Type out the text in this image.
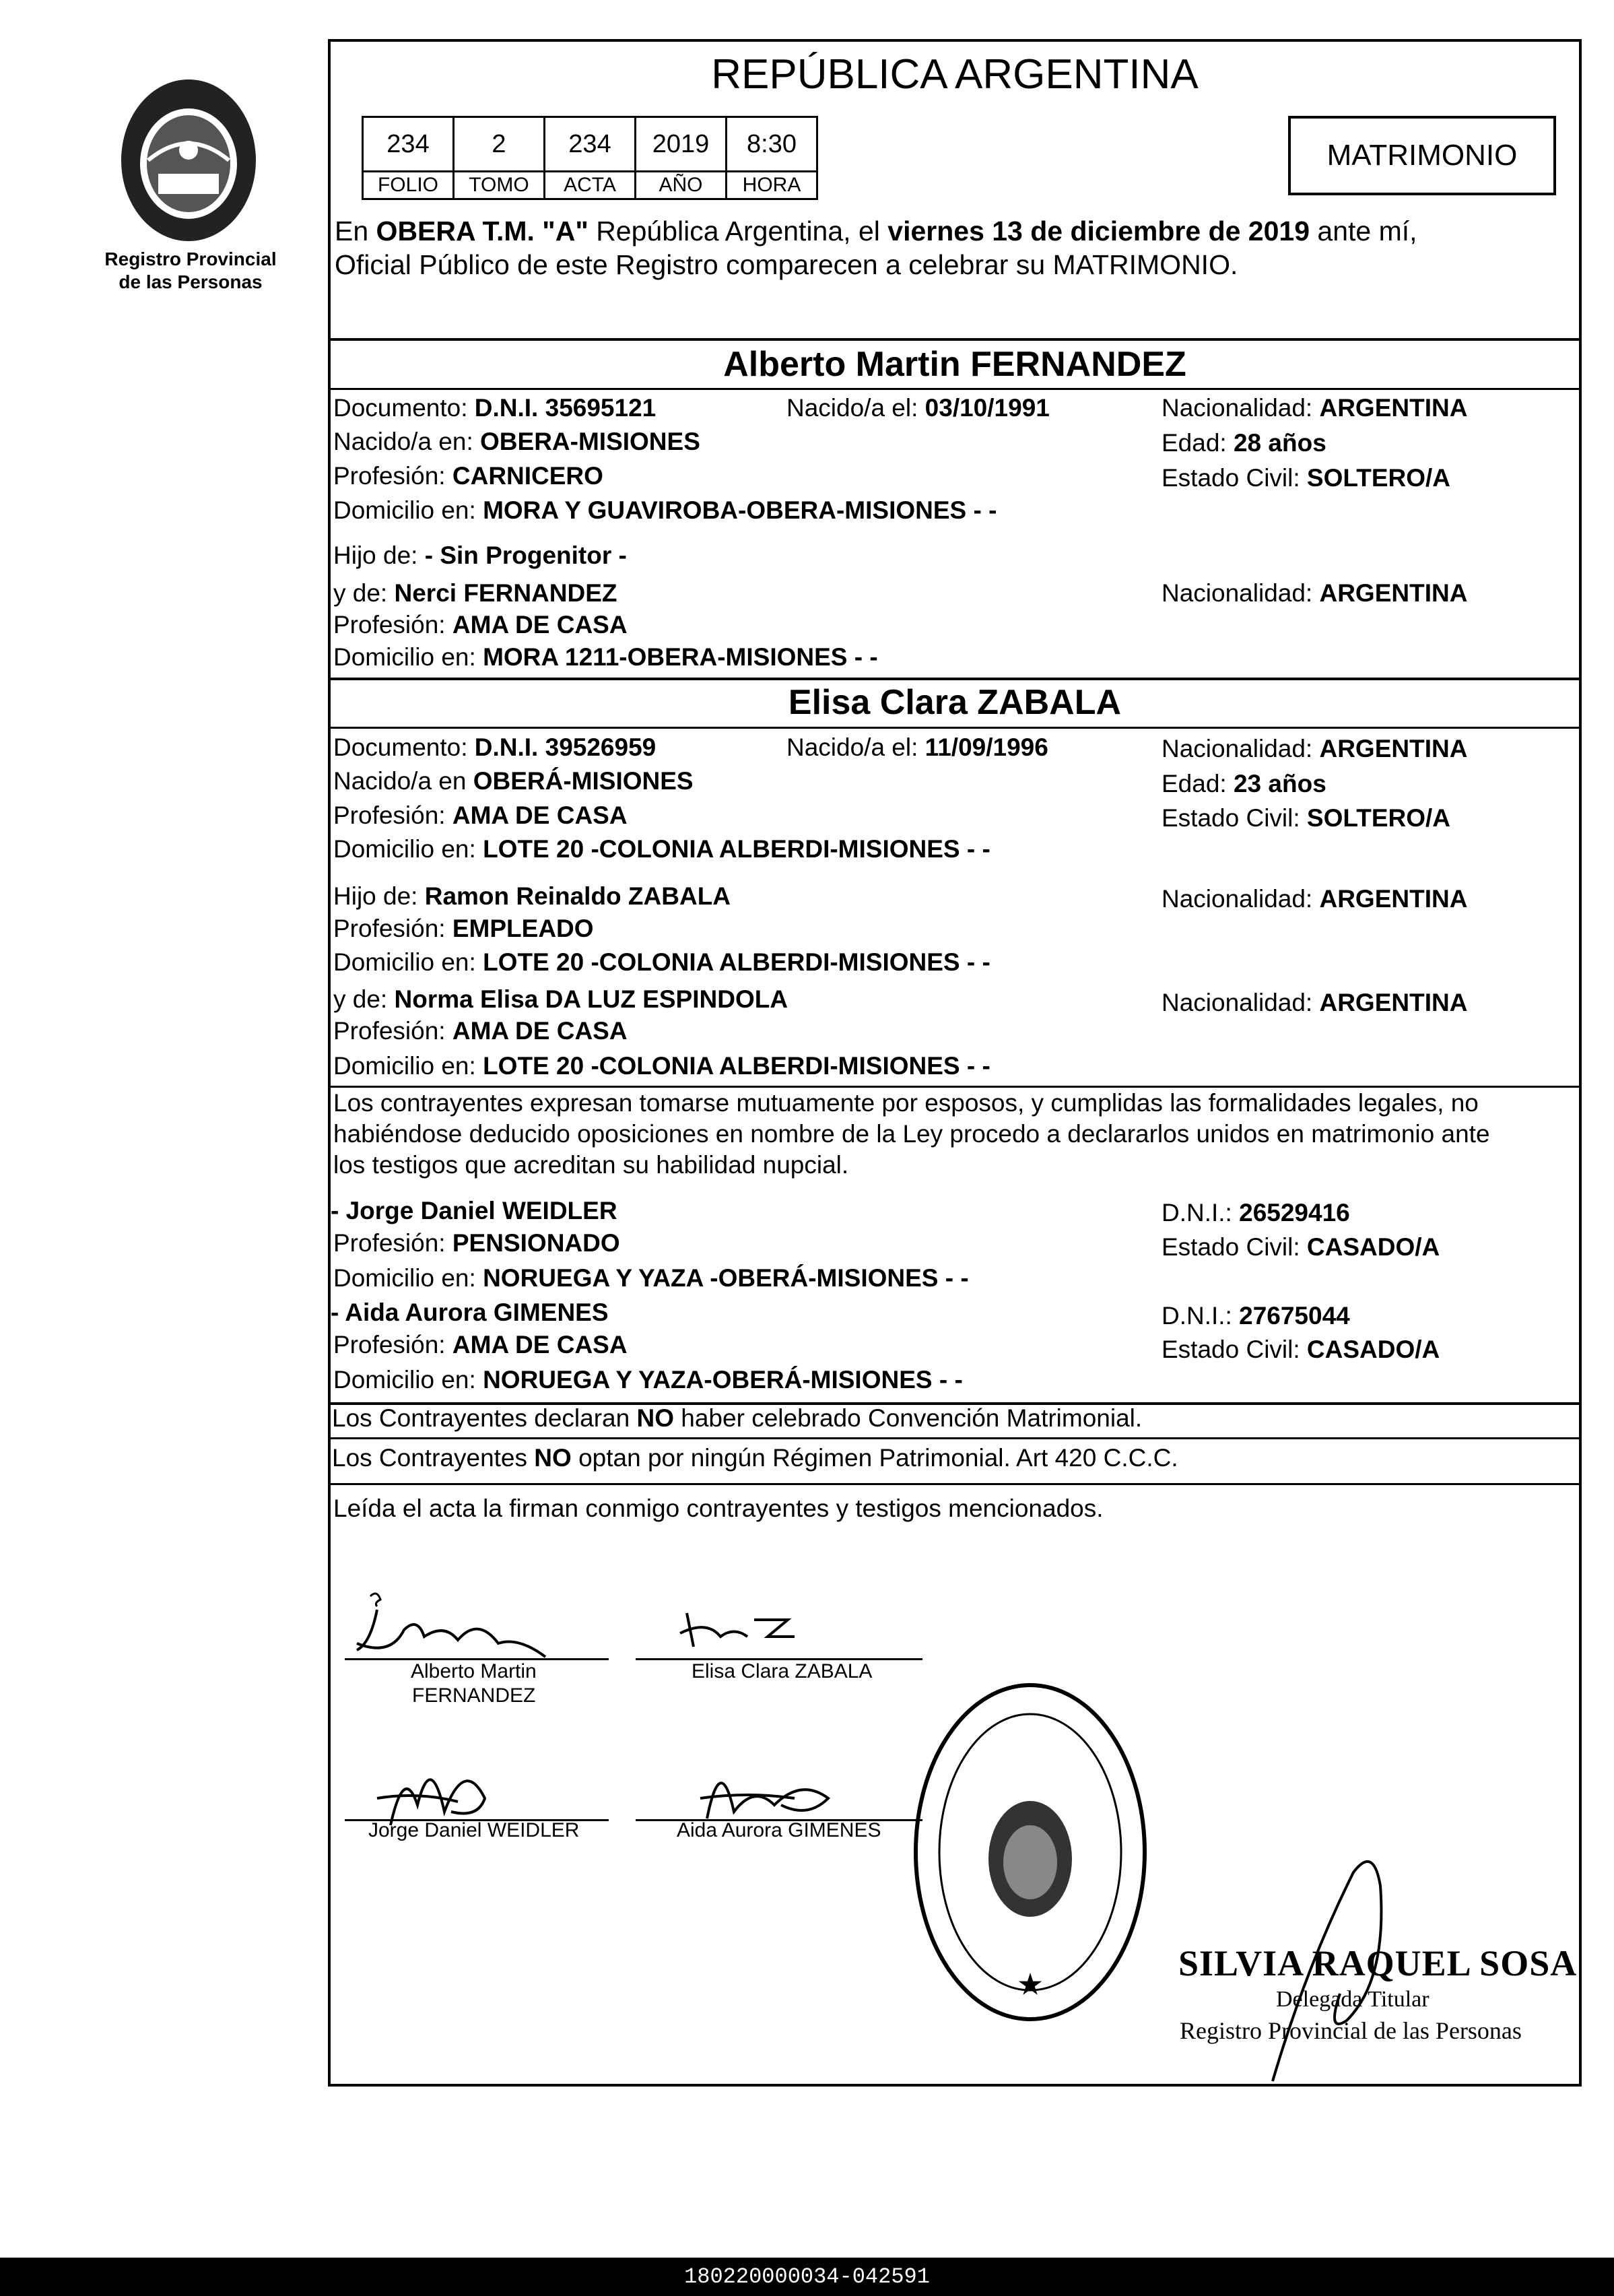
Registro Provincial
de las Personas
REPÚBLICA ARGENTINA
234	2	234	2019	8:30
FOLIO	TOMO	ACTA	AÑO	HORA
MATRIMONIO
En OBERA T.M. "A" República Argentina, el viernes 13 de diciembre de 2019 ante mí,
Oficial Público de este Registro comparecen a celebrar su MATRIMONIO.
Alberto Martin FERNANDEZ
Documento: D.N.I. 35695121	Nacido/a el: 03/10/1991	Nacionalidad: ARGENTINA
Nacido/a en: OBERA-MISIONES	Edad: 28 años
Profesión: CARNICERO	Estado Civil: SOLTERO/A
Domicilio en: MORA Y GUAVIROBA-OBERA-MISIONES - -
Hijo de: - Sin Progenitor -
y de: Nerci FERNANDEZ	Nacionalidad: ARGENTINA
Profesión: AMA DE CASA
Domicilio en: MORA 1211-OBERA-MISIONES - -
Elisa Clara ZABALA
Documento: D.N.I. 39526959	Nacido/a el: 11/09/1996	Nacionalidad: ARGENTINA
Nacido/a en OBERÁ-MISIONES	Edad: 23 años
Profesión: AMA DE CASA	Estado Civil: SOLTERO/A
Domicilio en: LOTE 20 -COLONIA ALBERDI-MISIONES - -
Hijo de: Ramon Reinaldo ZABALA	Nacionalidad: ARGENTINA
Profesión: EMPLEADO
Domicilio en: LOTE 20 -COLONIA ALBERDI-MISIONES - -
y de: Norma Elisa DA LUZ ESPINDOLA	Nacionalidad: ARGENTINA
Profesión: AMA DE CASA
Domicilio en: LOTE 20 -COLONIA ALBERDI-MISIONES - -
Los contrayentes expresan tomarse mutuamente por esposos, y cumplidas las formalidades legales, no
habiéndose deducido oposiciones en nombre de la Ley procedo a declararlos unidos en matrimonio ante
los testigos que acreditan su habilidad nupcial.
- Jorge Daniel WEIDLER	D.N.I.: 26529416
Profesión: PENSIONADO	Estado Civil: CASADO/A
Domicilio en: NORUEGA Y YAZA -OBERÁ-MISIONES - -
- Aida Aurora GIMENES	D.N.I.: 27675044
Profesión: AMA DE CASA	Estado Civil: CASADO/A
Domicilio en: NORUEGA Y YAZA-OBERÁ-MISIONES - -
Los Contrayentes declaran NO haber celebrado Convención Matrimonial.
Los Contrayentes NO optan por ningún Régimen Patrimonial. Art 420 C.C.C.
Leída el acta la firman conmigo contrayentes y testigos mencionados.
Alberto Martin
FERNANDEZ
Elisa Clara ZABALA
Jorge Daniel WEIDLER	Aida Aurora GIMENES
★
SILVIA RAQUEL SOSA
Delegada Titular
Registro Provincial de las Personas
180220000034-042591
